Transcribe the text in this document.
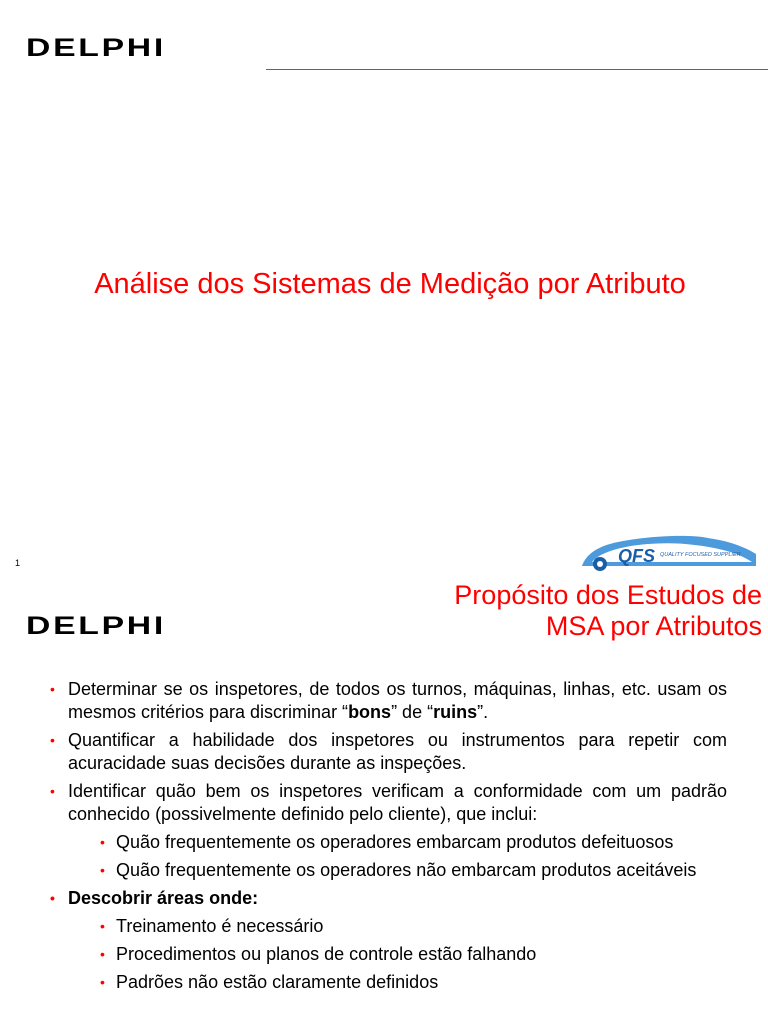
DELPHI
Análise dos Sistemas de Medição por Atributo
1	QFS QUALITY FOCUSED SUPPLIER
DELPHI
Propósito dos Estudos de
MSA por Atributos
• Determinar se os inspetores, de todos os turnos, máquinas, linhas, etc. usam os mesmos critérios para discriminar “bons” de “ruins”.
• Quantificar a habilidade dos inspetores ou instrumentos para repetir com acuracidade suas decisões durante as inspeções.
• Identificar quão bem os inspetores verificam a conformidade com um padrão conhecido (possivelmente definido pelo cliente), que inclui:
• Quão frequentemente os operadores embarcam produtos defeituosos
• Quão frequentemente os operadores não embarcam produtos aceitáveis
• Descobrir áreas onde:
• Treinamento é necessário
• Procedimentos ou planos de controle estão falhando
• Padrões não estão claramente definidos
